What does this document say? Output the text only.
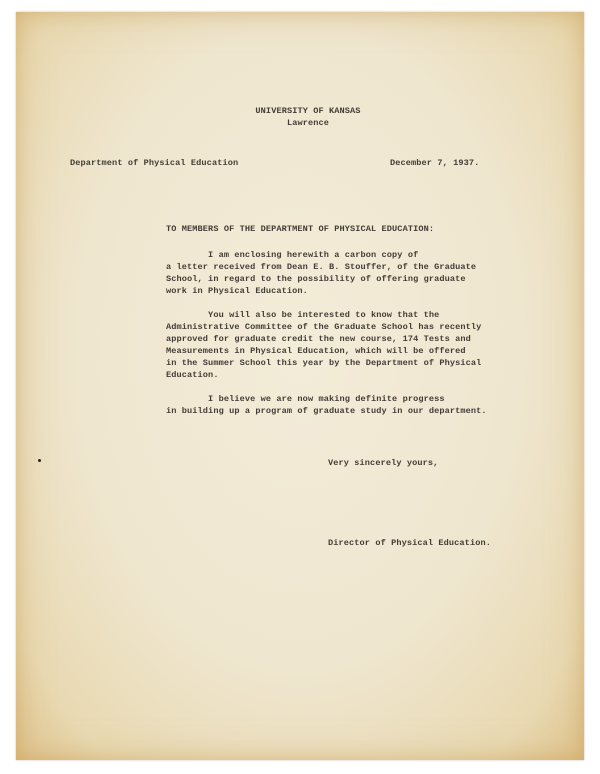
UNIVERSITY OF KANSAS
Lawrence
Department of Physical Education	December 7, 1937.
TO MEMBERS OF THE DEPARTMENT OF PHYSICAL EDUCATION:
I am enclosing herewith a carbon copy of
a letter received from Dean E. B. Stouffer, of the Graduate
School, in regard to the possibility of offering graduate
work in Physical Education.
You will also be interested to know that the
Administrative Committee of the Graduate School has recently
approved for graduate credit the new course, 174 Tests and
Measurements in Physical Education, which will be offered
in the Summer School this year by the Department of Physical
Education.
I believe we are now making definite progress
in building up a program of graduate study in our department.
Very sincerely yours,
Director of Physical Education.
